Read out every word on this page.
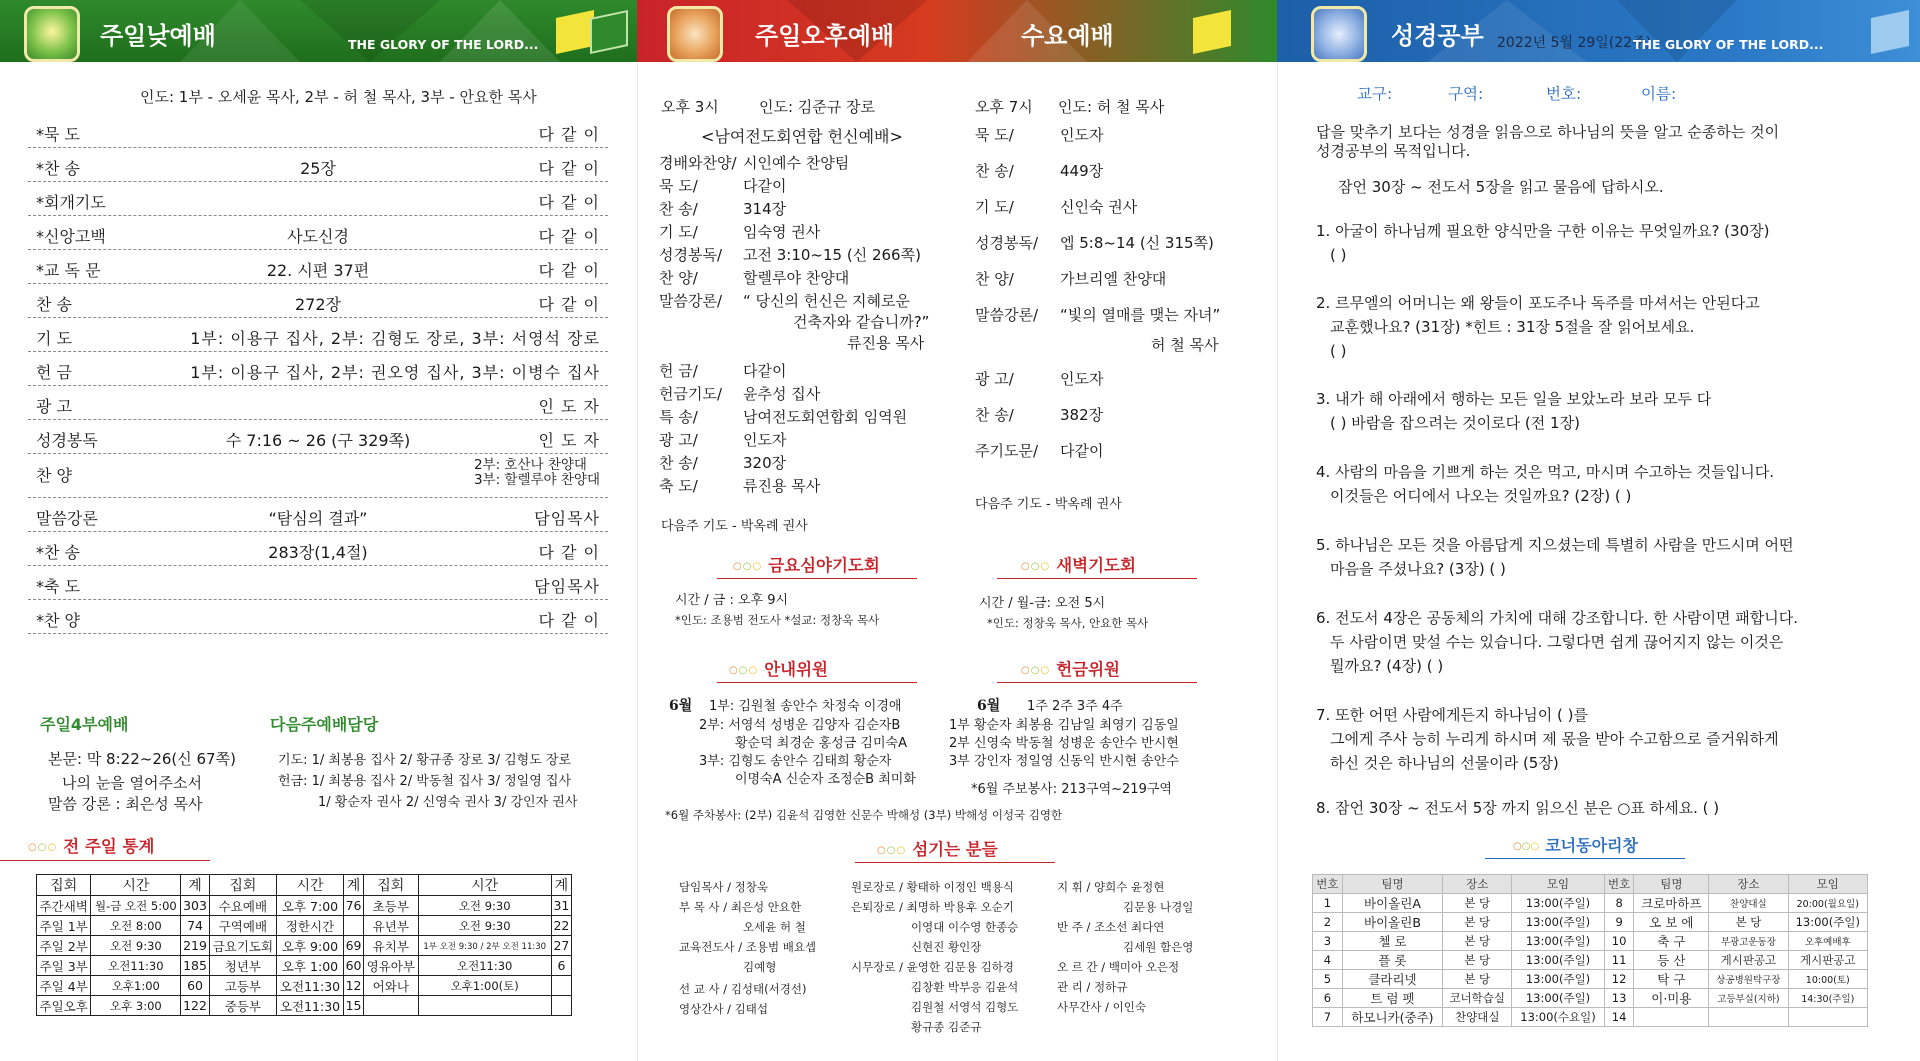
주일낮예배	THE GLORY OF THE LORD...
인도: 1부 - 오세윤 목사, 2부 - 허 철 목사, 3부 - 안요한 목사
*묵 도	다 같 이
*찬 송	25장	다 같 이
*회개기도	다 같 이
*신앙고백	사도신경	다 같 이
*교 독 문	22. 시편 37편	다 같 이
찬 송	272장	다 같 이
기 도	1부: 이용구 집사, 2부: 김형도 장로, 3부: 서영석 장로
헌 금	1부: 이용구 집사, 2부: 권오영 집사, 3부: 이병수 집사
광 고	인 도 자
성경봉독	수 7:16 ~ 26 (구 329쪽)	인 도 자
찬 양
2부: 호산나 찬양대
3부: 할렐루야 찬양대
말씀강론	“탐심의 결과”	담임목사
*찬 송	283장(1,4절)	다 같 이
*축 도	담임목사
*찬 양	다 같 이
주일4부예배
본문: 막 8:22~26(신 67쪽)
나의 눈을 열어주소서
말씀 강론 : 최은성 목사
다음주예배담당
기도: 1/ 최봉용 집사 2/ 황규종 장로 3/ 김형도 장로
헌금: 1/ 최봉용 집사 2/ 박동철 집사 3/ 정일영 집사
1/ 황순자 권사 2/ 신영숙 권사 3/ 강인자 권사
○○○ 전 주일 통계
집회	시간	계	집회	시간	계	집회	시간	계
주간새벽	월-금 오전 5:00	303	수요예배	오후 7:00	76	초등부	오전 9:30	31
주일 1부	오전 8:00	74	구역예배	정한시간		유년부	오전 9:30	22
주일 2부	오전 9:30	219	금요기도회	오후 9:00	69	유치부	1부 오전 9:30 / 2부 오전 11:30	27
주일 3부	오전11:30	185	청년부	오후 1:00	60	영유아부	오전11:30	6
주일 4부	오후1:00	60	고등부	오전11:30	12	어와나	오후1:00(토)	
주일오후	오후 3:00	122	중등부	오전11:30	15			
주일오후예배	수요예배
오후 3시	인도: 김준규 장로
<남여전도회연합 헌신예배>
경배와찬양/ 시인예수 찬양팀
묵 도/	다같이
찬 송/	314장
기 도/	임숙영 권사
성경봉독/ 고전 3:10~15 (신 266쪽)
찬 양/	할렐루야 찬양대
말씀강론/ “ 당신의 헌신은 지혜로운
건축자와 같습니까?”
류진용 목사
헌 금/	다같이
헌금기도/ 윤추성 집사
특 송/	남여전도회연합회 임역원
광 고/	인도자
찬 송/	320장
축 도/	류진용 목사
다음주 기도 - 박옥례 권사
오후 7시 인도: 허 철 목사
묵 도/	인도자
찬 송/	449장
기 도/	신인숙 권사
성경봉독/ 엡 5:8~14 (신 315쪽)
찬 양/	가브리엘 찬양대
말씀강론/ “빛의 열매를 맺는 자녀”
허 철 목사
광 고/	인도자
찬 송/	382장
주기도문/ 다같이
다음주 기도 - 박옥례 권사
○○○ 금요심야기도회
시간 / 금 : 오후 9시
*인도: 조용범 전도사 *설교: 정창욱 목사
○○○ 새벽기도회
시간 / 월-금: 오전 5시
*인도: 정창욱 목사, 안요한 목사
○○○ 안내위원
6월 1부: 김원철 송안수 차정숙 이경애
2부: 서영석 성병운 김양자 김순자B
황순덕 최경순 홍성금 김미숙A
3부: 김형도 송안수 김태희 황순자
이명숙A 신순자 조정순B 최미화
○○○ 헌금위원
6월 1주 2주 3주 4주
1부 황순자 최봉용 김남일 최영기 김동일
2부 신영숙 박동철 성병운 송안수 반시현
3부 강인자 정일영 신동익 반시현 송안수
*6월 주보봉사: 213구역~219구역
*6월 주차봉사: (2부) 김윤석 김영한 신문수 박해성 (3부) 박해성 이성국 김영한
○○○ 섬기는 분들
담임목사 / 정창욱
부 목 사 / 최은성 안요한
오세윤 허 철
교육전도사 / 조용범 배요셉
김예형
선 교 사 / 김성태(서경선)
영상간사 / 김태섭
원로장로 / 황태하 이정인 백용식
은퇴장로 / 최명하 박용후 오순기
이영대 이수영 한종승
신현진 황인장
시무장로 / 윤영한 김문용 김하경
김창환 박부응 김윤석
김원철 서영석 김형도
황규종 김준규
지 휘 / 양희수 윤정현
김문용 나경일
반 주 / 조소선 최다연
김세원 함은영
오 르 간 / 백미아 오은정
관 리 / 정하규
사무간사 / 이인숙
성경공부 2022년 5월 29일(22주)
THE GLORY OF THE LORD...
교구:	구역:	번호:	이름:
답을 맞추기 보다는 성경을 읽음으로 하나님의 뜻을 알고 순종하는 것이
성경공부의 목적입니다.
잠언 30장 ~ 전도서 5장을 읽고 물음에 답하시오.
1. 아굴이 하나님께 필요한 양식만을 구한 이유는 무엇일까요? (30장)
( )
2. 르무엘의 어머니는 왜 왕들이 포도주나 독주를 마셔서는 안된다고
교훈했나요? (31장) *힌트 : 31장 5절을 잘 읽어보세요.
( )
3. 내가 해 아래에서 행하는 모든 일을 보았노라 보라 모두 다
( ) 바람을 잡으려는 것이로다 (전 1장)
4. 사람의 마음을 기쁘게 하는 것은 먹고, 마시며 수고하는 것들입니다.
이것들은 어디에서 나오는 것일까요? (2장) ( )
5. 하나님은 모든 것을 아름답게 지으셨는데 특별히 사람을 만드시며 어떤
마음을 주셨나요? (3장) ( )
6. 전도서 4장은 공동체의 가치에 대해 강조합니다. 한 사람이면 패합니다.
두 사람이면 맞설 수는 있습니다. 그렇다면 쉽게 끊어지지 않는 이것은
뭘까요? (4장) ( )
7. 또한 어떤 사람에게든지 하나님이 ( )를
그에게 주사 능히 누리게 하시며 제 몫을 받아 수고함으로 즐거워하게
하신 것은 하나님의 선물이라 (5장)
8. 잠언 30장 ~ 전도서 5장 까지 읽으신 분은 ○표 하세요. ( )
○○○ 코너동아리창
번호	팀명	장소	모임	번호	팀명	장소	모임
1	바이올린A	본 당	13:00(주일)	8	크로마하프	찬양대실	20:00(월요일)
2	바이올린B	본 당	13:00(주일)	9	오 보 에	본 당	13:00(주일)
3	첼 로	본 당	13:00(주일)	10	축 구	부광고운동장	오후예배후
4	플 롯	본 당	13:00(주일)	11	등 산	게시판공고	게시판공고
5	클라리넷	본 당	13:00(주일)	12	탁 구	상공병원탁구장	10:00(토)
6	트 럼 펫	코너학습실	13:00(주일)	13	이·미용	고등부실(지하)	14:30(주일)
7	하모니카(중주)	찬양대실	13:00(수요일)	14			
